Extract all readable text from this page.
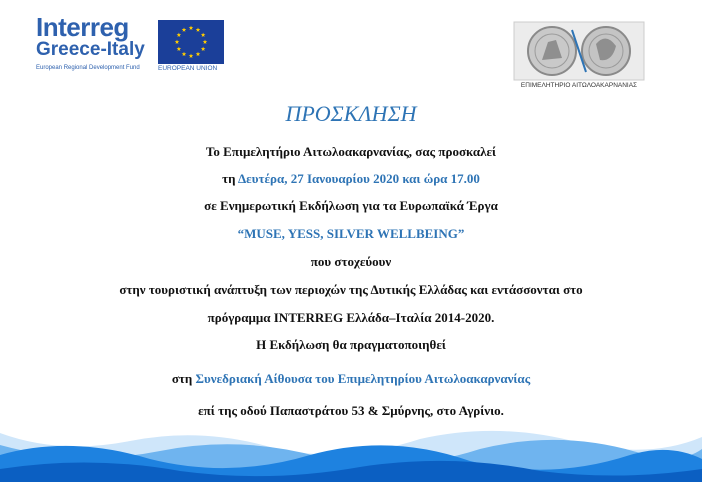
Interreg
Greece-Italy
European Regional Development Fund	EUROPEAN UNION
ΕΠΙΜΕΛΗΤΗΡΙΟ ΑΙΤΩΛΟΑΚΑΡΝΑΝΙΑΣ
ΠΡΟΣΚΛΗΣΗ
Το Επιμελητήριο Αιτωλοακαρνανίας, σας προσκαλεί
τη Δευτέρα, 27 Ιανουαρίου 2020 και ώρα 17.00
σε Ενημερωτική Εκδήλωση για τα Ευρωπαϊκά Έργα
“MUSE, YESS, SILVER WELLBEING”
που στοχεύουν
στην τουριστική ανάπτυξη των περιοχών της Δυτικής Ελλάδας και εντάσσονται στο
πρόγραμμα INTERREG Ελλάδα–Ιταλία 2014-2020.
Η Εκδήλωση θα πραγματοποιηθεί
στη Συνεδριακή Αίθουσα του Επιμελητηρίου Αιτωλοακαρνανίας
επί της οδού Παπαστράτου 53 & Σμύρνης, στο Αγρίνιο.
